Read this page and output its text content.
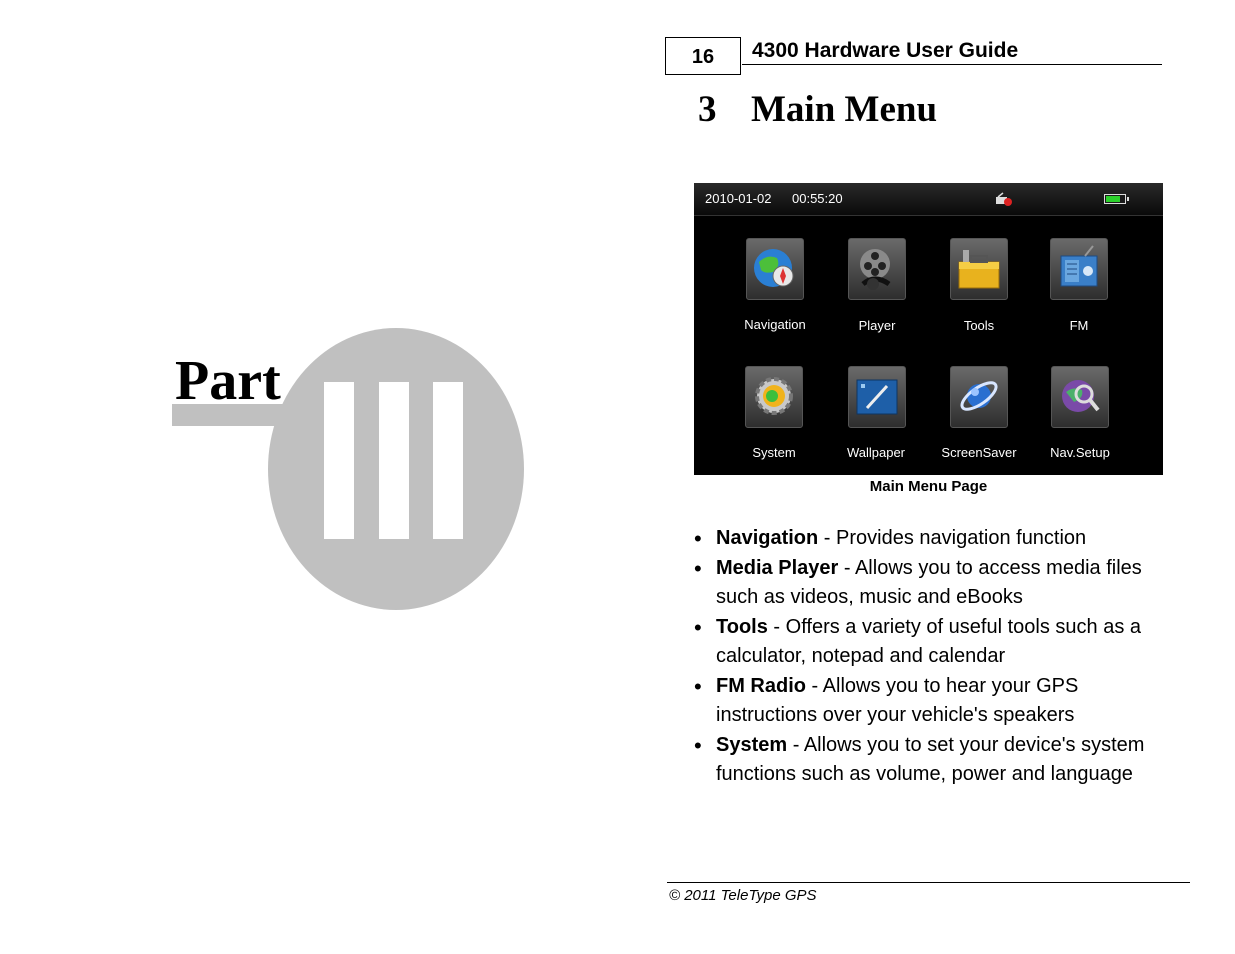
Part
16	4300 Hardware User Guide
3 Main Menu
2010-01-02 00:55:20
Navigation	Player	Tools	FM
System	Wallpaper	ScreenSaver	Nav.Setup
Main Menu Page
• Navigation - Provides navigation function
• Media Player - Allows you to access media files such as videos, music and eBooks
• Tools - Offers a variety of useful tools such as a calculator, notepad and calendar
• FM Radio - Allows you to hear your GPS instructions over your vehicle's speakers
• System - Allows you to set your device's system functions such as volume, power and language
© 2011 TeleType GPS
